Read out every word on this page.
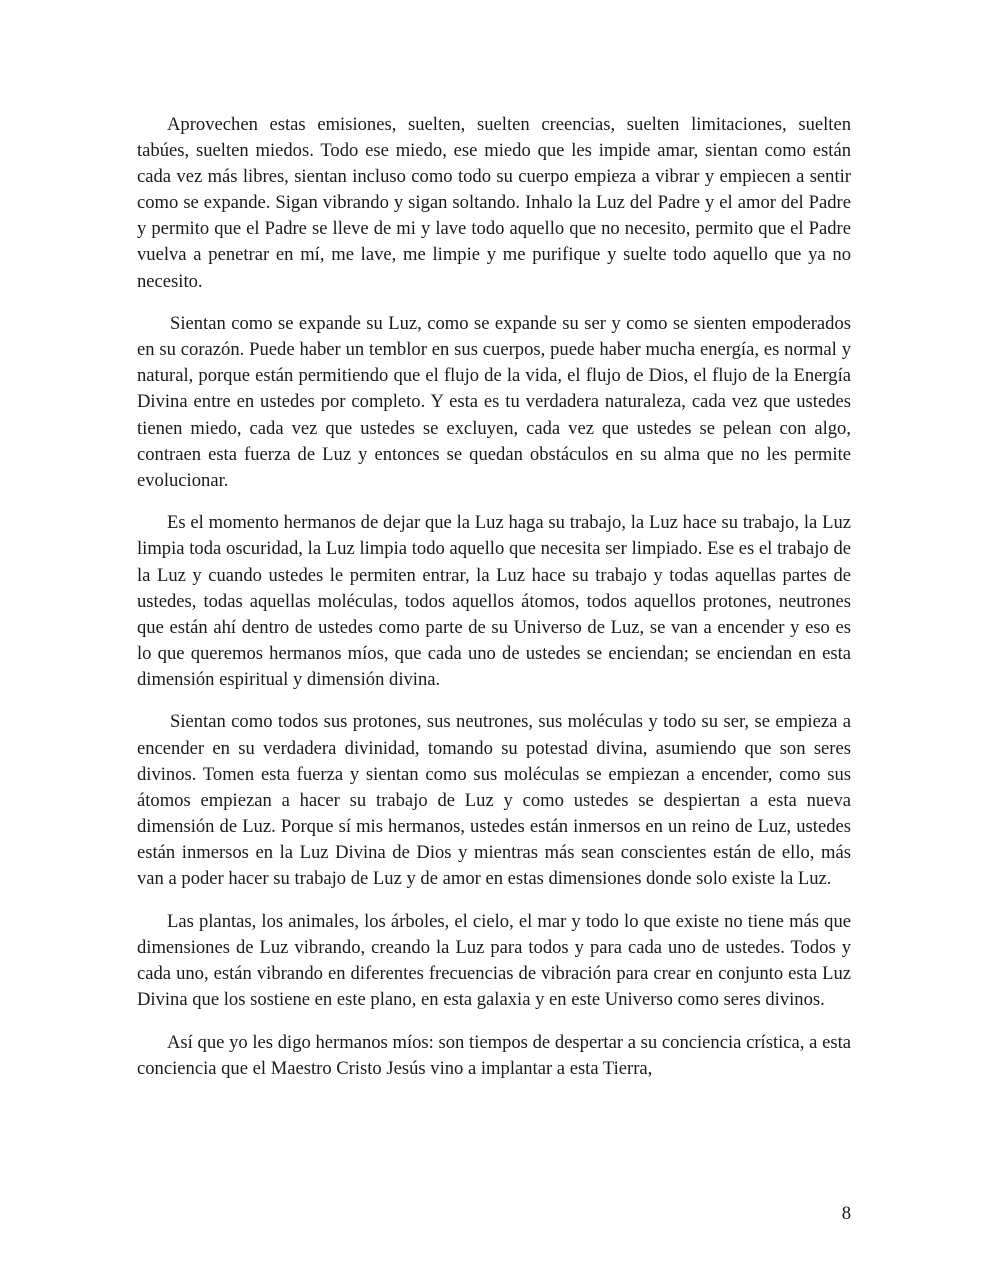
Aprovechen estas emisiones, suelten, suelten creencias, suelten limitaciones, suelten tabúes, suelten miedos. Todo ese miedo, ese miedo que les impide amar, sientan como están cada vez más libres, sientan incluso como todo su cuerpo empieza a vibrar y empiecen a sentir como se expande. Sigan vibrando y sigan soltando. Inhalo la Luz del Padre y el amor del Padre y permito que el Padre se lleve de mi y lave todo aquello que no necesito, permito que el Padre vuelva a penetrar en mí, me lave, me limpie y me purifique y suelte todo aquello que ya no necesito.

Sientan como se expande su Luz, como se expande su ser y como se sienten empoderados en su corazón. Puede haber un temblor en sus cuerpos, puede haber mucha energía, es normal y natural, porque están permitiendo que el flujo de la vida, el flujo de Dios, el flujo de la Energía Divina entre en ustedes por completo. Y esta es tu verdadera naturaleza, cada vez que ustedes tienen miedo, cada vez que ustedes se excluyen, cada vez que ustedes se pelean con algo, contraen esta fuerza de Luz y entonces se quedan obstáculos en su alma que no les permite evolucionar.

Es el momento hermanos de dejar que la Luz haga su trabajo, la Luz hace su trabajo, la Luz limpia toda oscuridad, la Luz limpia todo aquello que necesita ser limpiado. Ese es el trabajo de la Luz y cuando ustedes le permiten entrar, la Luz hace su trabajo y todas aquellas partes de ustedes, todas aquellas moléculas, todos aquellos átomos, todos aquellos protones, neutrones que están ahí dentro de ustedes como parte de su Universo de Luz, se van a encender y eso es lo que queremos hermanos míos, que cada uno de ustedes se enciendan; se enciendan en esta dimensión espiritual y dimensión divina.

Sientan como todos sus protones, sus neutrones, sus moléculas y todo su ser, se empieza a encender en su verdadera divinidad, tomando su potestad divina, asumiendo que son seres divinos. Tomen esta fuerza y sientan como sus moléculas se empiezan a encender, como sus átomos empiezan a hacer su trabajo de Luz y como ustedes se despiertan a esta nueva dimensión de Luz. Porque sí mis hermanos, ustedes están inmersos en un reino de Luz, ustedes están inmersos en la Luz Divina de Dios y mientras más sean conscientes están de ello, más van a poder hacer su trabajo de Luz y de amor en estas dimensiones donde solo existe la Luz.

Las plantas, los animales, los árboles, el cielo, el mar y todo lo que existe no tiene más que dimensiones de Luz vibrando, creando la Luz para todos y para cada uno de ustedes. Todos y cada uno, están vibrando en diferentes frecuencias de vibración para crear en conjunto esta Luz Divina que los sostiene en este plano, en esta galaxia y en este Universo como seres divinos.

Así que yo les digo hermanos míos: son tiempos de despertar a su conciencia crística, a esta conciencia que el Maestro Cristo Jesús vino a implantar a esta Tierra,

8
